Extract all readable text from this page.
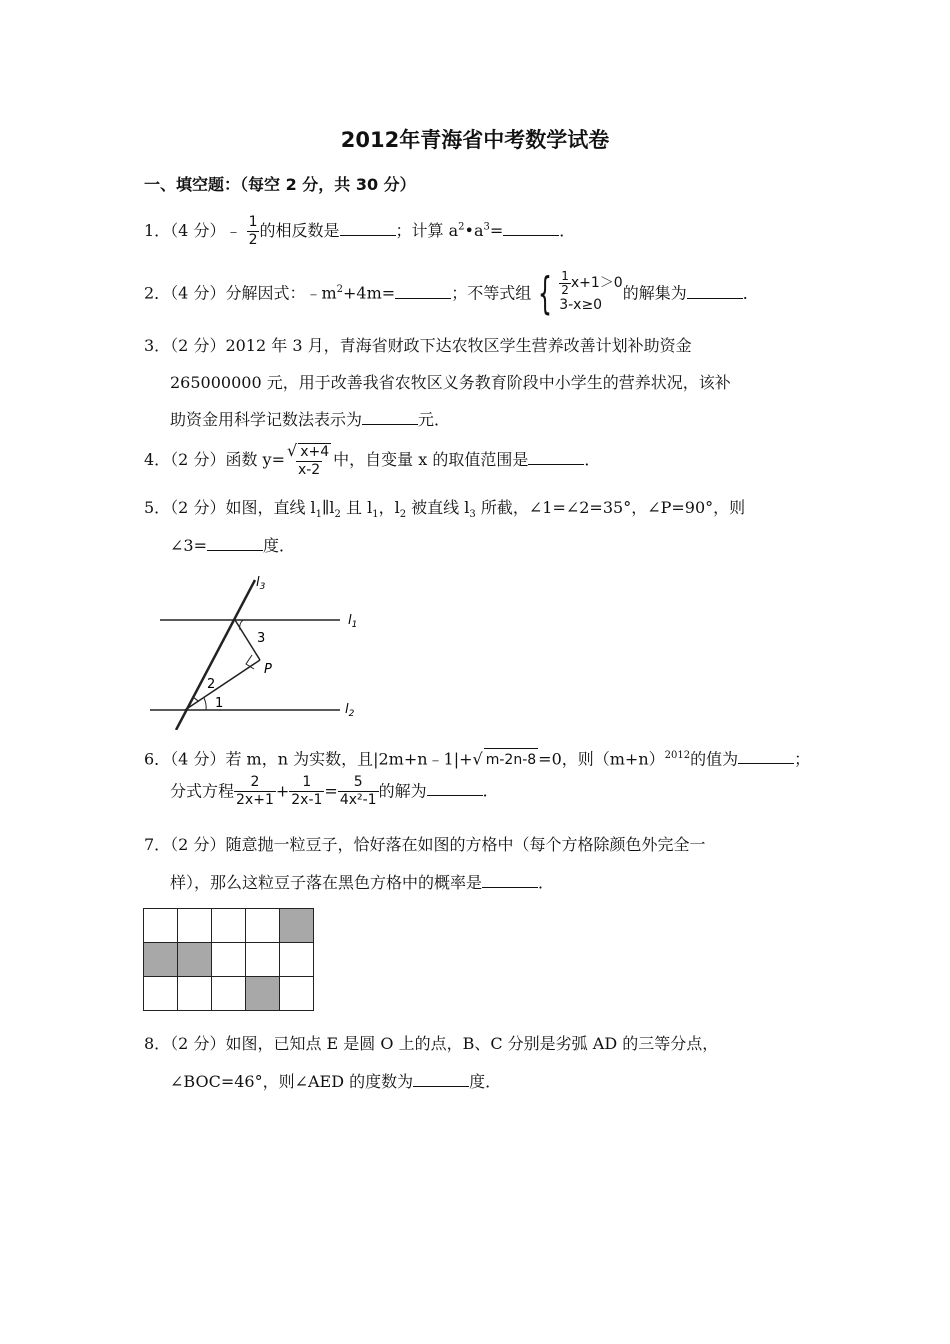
2012年青海省中考数学试卷
一、填空题：（每空 2 分，共 30 分）
1．（4 分）﹣ $\frac{1}{2}$ 的相反数是	；计算 $a^2•a^3=$	．
2．（4 分）分解因式：$﹣m^2+4m=$	；不等式组 { $\frac{1}{2} x+1>0$
3-x≥0
的解集为	．
3．（2 分）2012 年 3 月，青海省财政下达农牧区学生营养改善计划补助资金
265000000 元，用于改善我省农牧区义务教育阶段中小学生的营养状况，该补
助资金用科学记数法表示为	元．
4．（2 分）函数 $y= \frac{√ x+4}{x-2}$ 中，自变量 x 的取值范围是	．
5．（2 分）如图，直线 $l_1\parallel l_2$ 且 $l_1$，$l_2$ 被直线 $l_3$ 所截，∠1=∠2=35°，∠P=90°，则
∠3=	度．
$l_3$
$l_1$
$l_2$
3
P
2
1
6．（4 分）若 m，n 为实数，且|2m+n﹣1|+√ m-2n-8 =0，则$(m+n)^{2012}$的值为	；
分式方程 $\frac{2}{2x+1} + \frac{1}{2x-1} = \frac{5}{\text{4x²-1}}$ 的解为	．
7．（2 分）随意抛一粒豆子，恰好落在如图的方格中（每个方格除颜色外完全一
样），那么这粒豆子落在黑色方格中的概率是	．

8．（2 分）如图，已知点 E 是圆 O 上的点，B、C 分别是劣弧 AD 的三等分点，
∠BOC=46°，则∠AED 的度数为	度．
